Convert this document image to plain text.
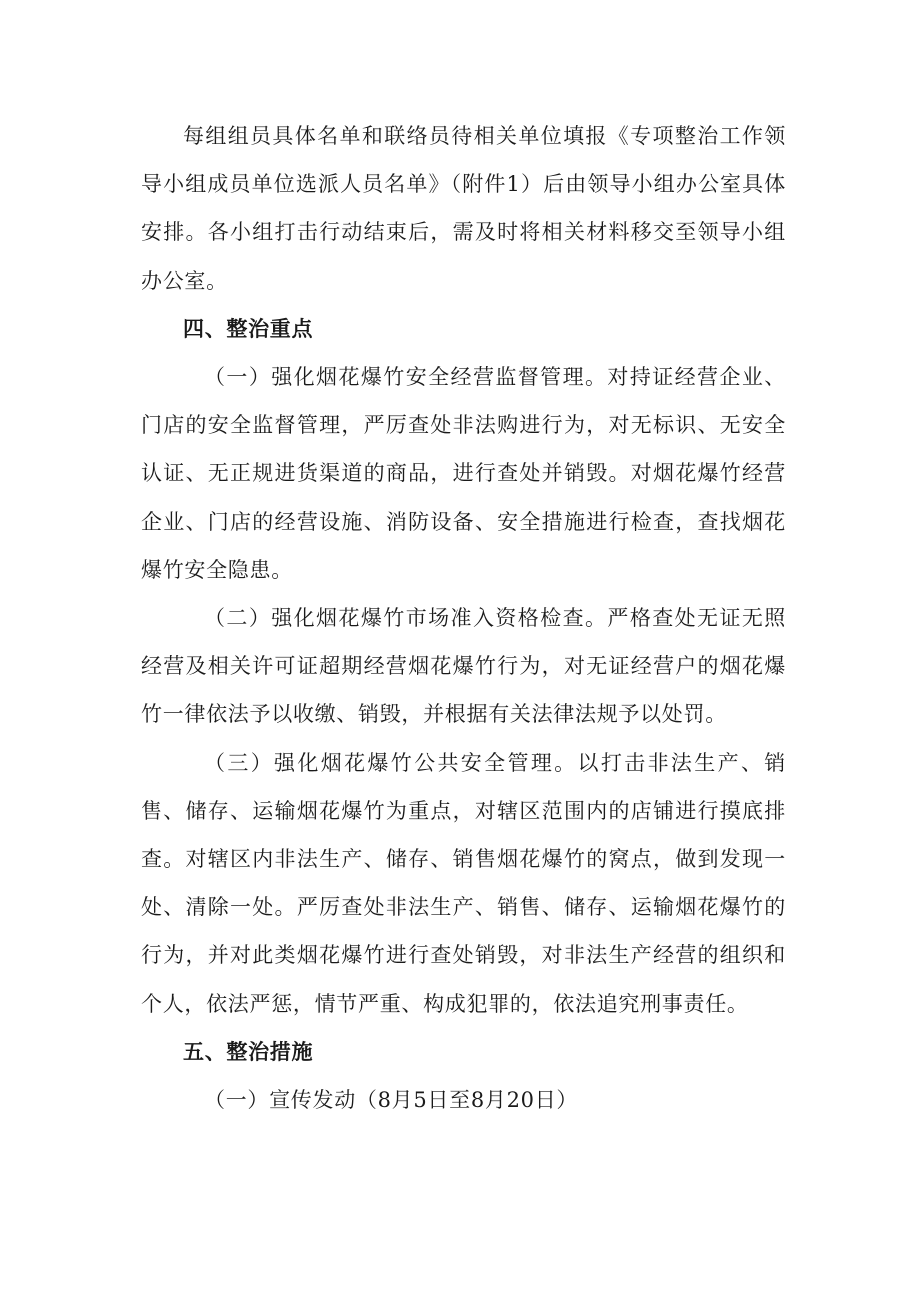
每组组员具体名单和联络员待相关单位填报《专项整治工作领导小组成员单位选派人员名单》（附件1）后由领导小组办公室具体安排。各小组打击行动结束后，需及时将相关材料移交至领导小组办公室。

四、整治重点

（一）强化烟花爆竹安全经营监督管理。对持证经营企业、门店的安全监督管理，严厉查处非法购进行为，对无标识、无安全认证、无正规进货渠道的商品，进行查处并销毁。对烟花爆竹经营企业、门店的经营设施、消防设备、安全措施进行检查，查找烟花爆竹安全隐患。

（二）强化烟花爆竹市场准入资格检查。严格查处无证无照经营及相关许可证超期经营烟花爆竹行为，对无证经营户的烟花爆竹一律依法予以收缴、销毁，并根据有关法律法规予以处罚。

（三）强化烟花爆竹公共安全管理。以打击非法生产、销售、储存、运输烟花爆竹为重点，对辖区范围内的店铺进行摸底排查。对辖区内非法生产、储存、销售烟花爆竹的窝点，做到发现一处、清除一处。严厉查处非法生产、销售、储存、运输烟花爆竹的行为，并对此类烟花爆竹进行查处销毁，对非法生产经营的组织和个人，依法严惩，情节严重、构成犯罪的，依法追究刑事责任。

五、整治措施

（一）宣传发动（8月5日至8月20日）
